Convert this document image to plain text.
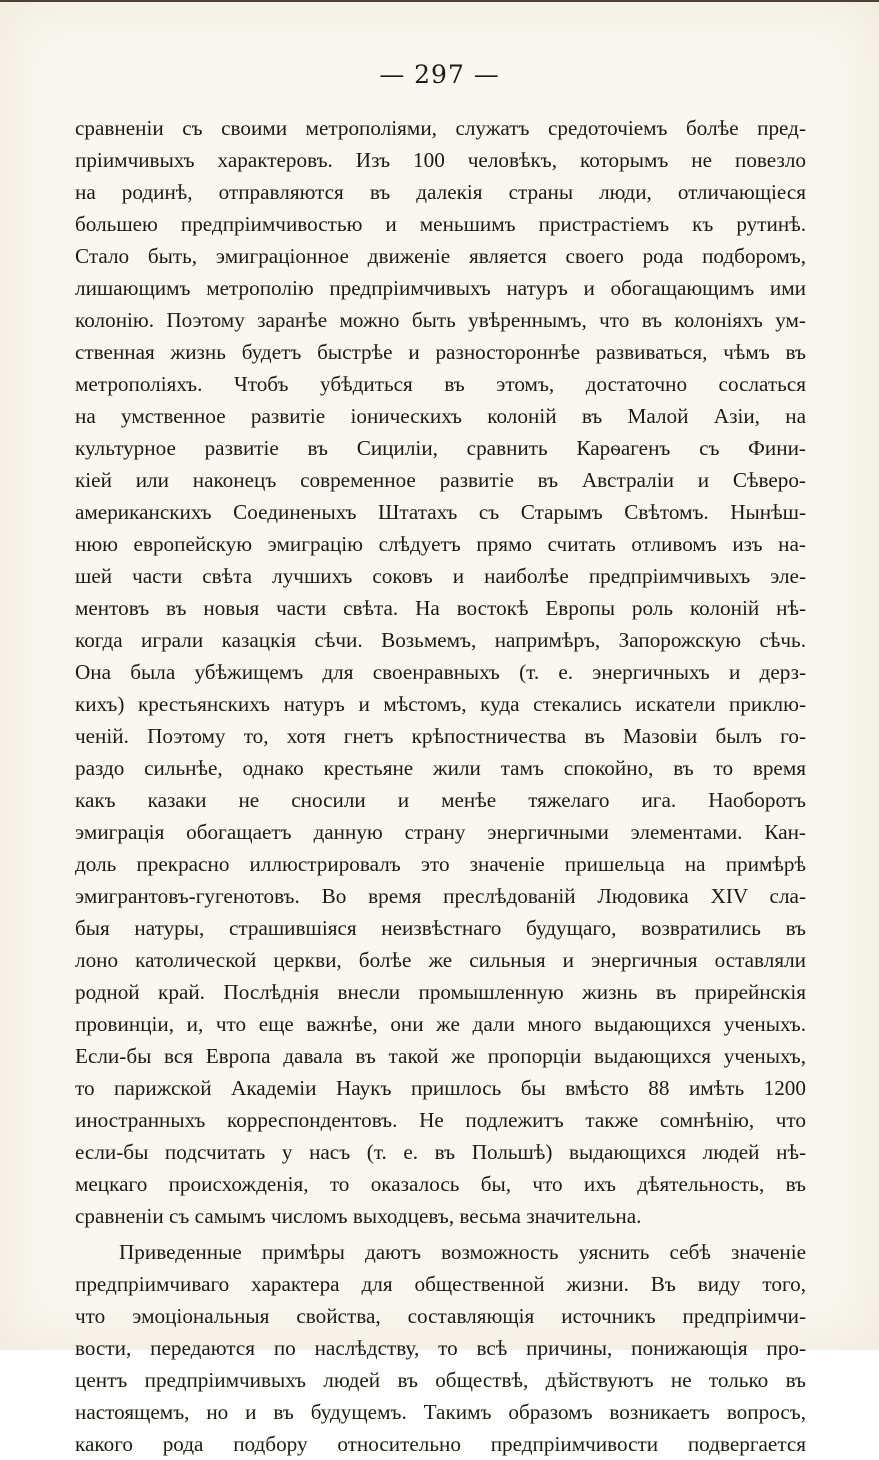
— 297 —
сравненіи съ своими метрополіями, служатъ средоточіемъ болѣе пред-
пріимчивыхъ характеровъ. Изъ 100 человѣкъ, которымъ не повезло
на родинѣ, отправляются въ далекія страны люди, отличающіеся
большею предпріимчивостью и меньшимъ пристрастіемъ къ рутинѣ.
Стало быть, эмиграціонное движеніе является своего рода подборомъ,
лишающимъ метрополію предпріимчивыхъ натуръ и обогащающимъ ими
колонію. Поэтому заранѣе можно быть увѣреннымъ, что въ колоніяхъ ум-
ственная жизнь будетъ быстрѣе и разностороннѣе развиваться, чѣмъ въ
метрополіяхъ. Чтобъ убѣдиться въ этомъ, достаточно сослаться
на умственное развитіе іоническихъ колоній въ Малой Азіи, на
культурное развитіе въ Сициліи, сравнить Карѳагенъ съ Фини-
кіей или наконецъ современное развитіе въ Австраліи и Сѣверо-
американскихъ Соединеныхъ Штатахъ съ Старымъ Свѣтомъ. Нынѣш-
нюю европейскую эмиграцію слѣдуетъ прямо считать отливомъ изъ на-
шей части свѣта лучшихъ соковъ и наиболѣе предпріимчивыхъ эле-
ментовъ въ новыя части свѣта. На востокѣ Европы роль колоній нѣ-
когда играли казацкія сѣчи. Возьмемъ, напримѣръ, Запорожскую сѣчь.
Она была убѣжищемъ для своенравныхъ (т. е. энергичныхъ и дерз-
кихъ) крестьянскихъ натуръ и мѣстомъ, куда стекались искатели приклю-
ченій. Поэтому то, хотя гнетъ крѣпостничества въ Мазовіи былъ го-
раздо сильнѣе, однако крестьяне жили тамъ спокойно, въ то время
какъ казаки не сносили и менѣе тяжелаго ига. Наоборотъ
эмиграція обогащаетъ данную страну энергичными элементами. Кан-
доль прекрасно иллюстрировалъ это значеніе пришельца на примѣрѣ
эмигрантовъ-гугенотовъ. Во время преслѣдованій Людовика XIV сла-
быя натуры, страшившіяся неизвѣстнаго будущаго, возвратились въ
лоно католической церкви, болѣе же сильныя и энергичныя оставляли
родной край. Послѣднія внесли промышленную жизнь въ прирейнскія
провинціи, и, что еще важнѣе, они же дали много выдающихся ученыхъ.
Если-бы вся Европа давала въ такой же пропорціи выдающихся ученыхъ,
то парижской Академіи Наукъ пришлось бы вмѣсто 88 имѣть 1200
иностранныхъ корреспондентовъ. Не подлежитъ также сомнѣнію, что
если-бы подсчитать у насъ (т. е. въ Польшѣ) выдающихся людей нѣ-
мецкаго происхожденія, то оказалось бы, что ихъ дѣятельность, въ
сравненіи съ самымъ числомъ выходцевъ, весьма значительна.
Приведенные примѣры даютъ возможность уяснить себѣ значеніе
предпріимчиваго характера для общественной жизни. Въ виду того,
что эмоціональныя свойства, составляющія источникъ предпріимчи-
вости, передаются по наслѣдству, то всѣ причины, понижающія про-
центъ предпріимчивыхъ людей въ обществѣ, дѣйствуютъ не только въ
настоящемъ, но и въ будущемъ. Такимъ образомъ возникаетъ вопросъ,
какого рода подбору относительно предпріимчивости подвергается
